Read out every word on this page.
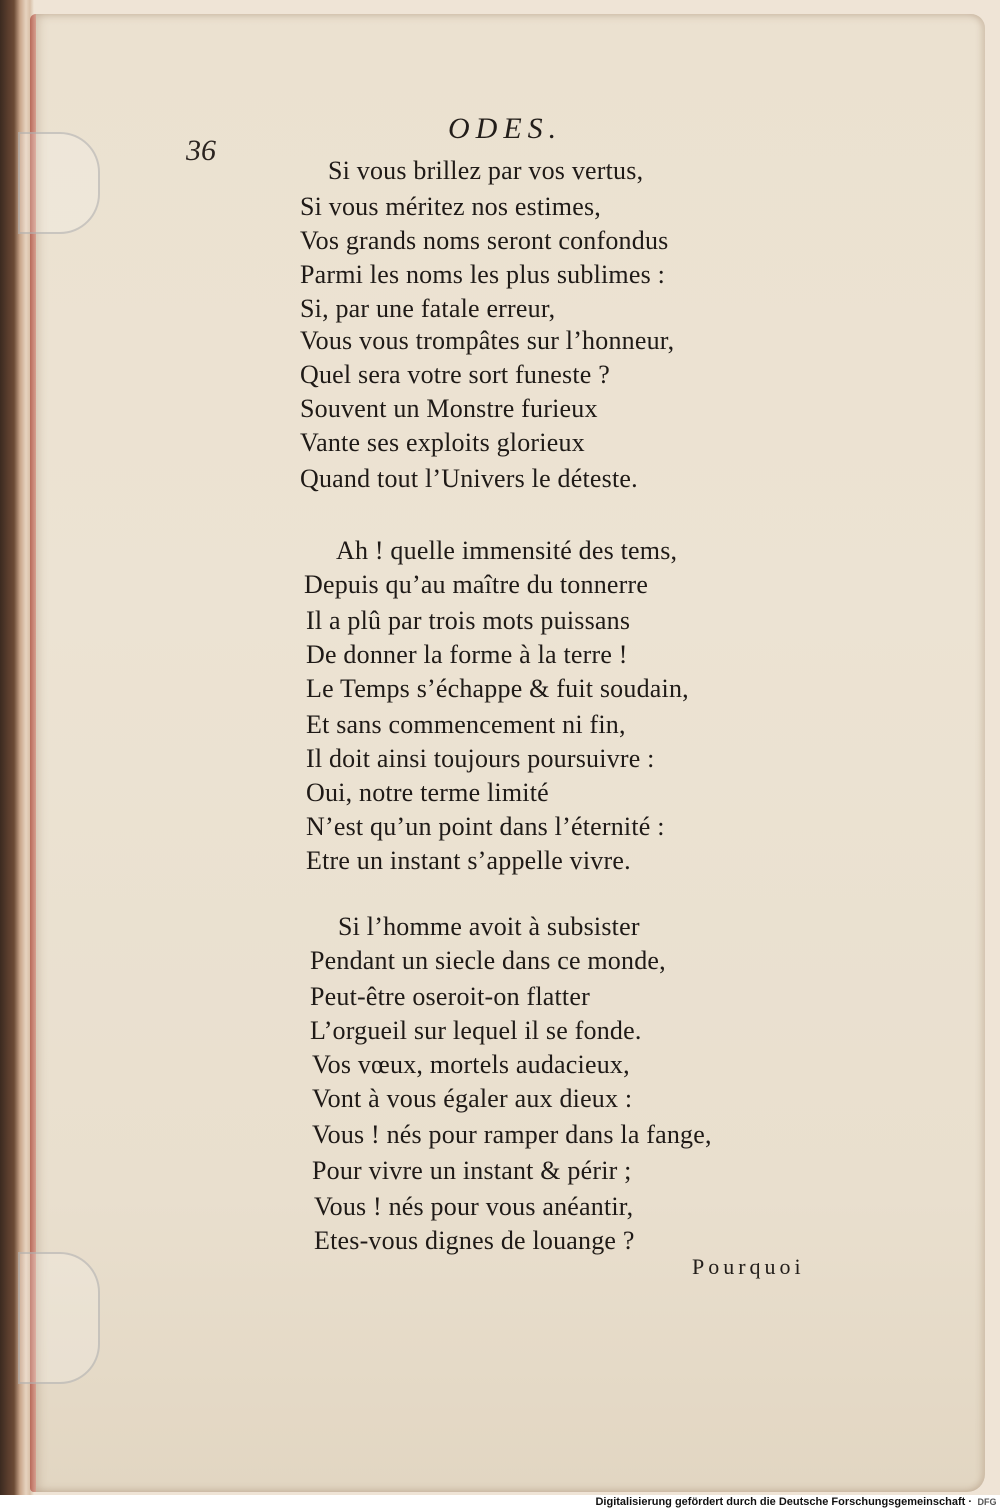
36
ODES.
Si vous brillez par vos vertus,
Si vous méritez nos estimes,
Vos grands noms seront confondus
Parmi les noms les plus sublimes :
Si, par une fatale erreur,
Vous vous trompâtes sur l’honneur,
Quel sera votre sort funeste ?
Souvent un Monstre furieux
Vante ses exploits glorieux
Quand tout l’Univers le déteste.
Ah ! quelle immensité des tems,
Depuis qu’au maître du tonnerre
Il a plû par trois mots puissans
De donner la forme à la terre !
Le Temps s’échappe & fuit soudain,
Et sans commencement ni fin,
Il doit ainsi toujours poursuivre :
Oui, notre terme limité
N’est qu’un point dans l’éternité :
Etre un instant s’appelle vivre.
Si l’homme avoit à subsister
Pendant un siecle dans ce monde,
Peut-être oseroit-on flatter
L’orgueil sur lequel il se fonde.
Vos vœux, mortels audacieux,
Vont à vous égaler aux dieux :
Vous ! nés pour ramper dans la fange,
Pour vivre un instant & périr ;
Vous ! nés pour vous anéantir,
Etes-vous dignes de louange ?
Pourquoi
Digitalisierung gefördert durch die Deutsche Forschungsgemeinschaft · DFG
